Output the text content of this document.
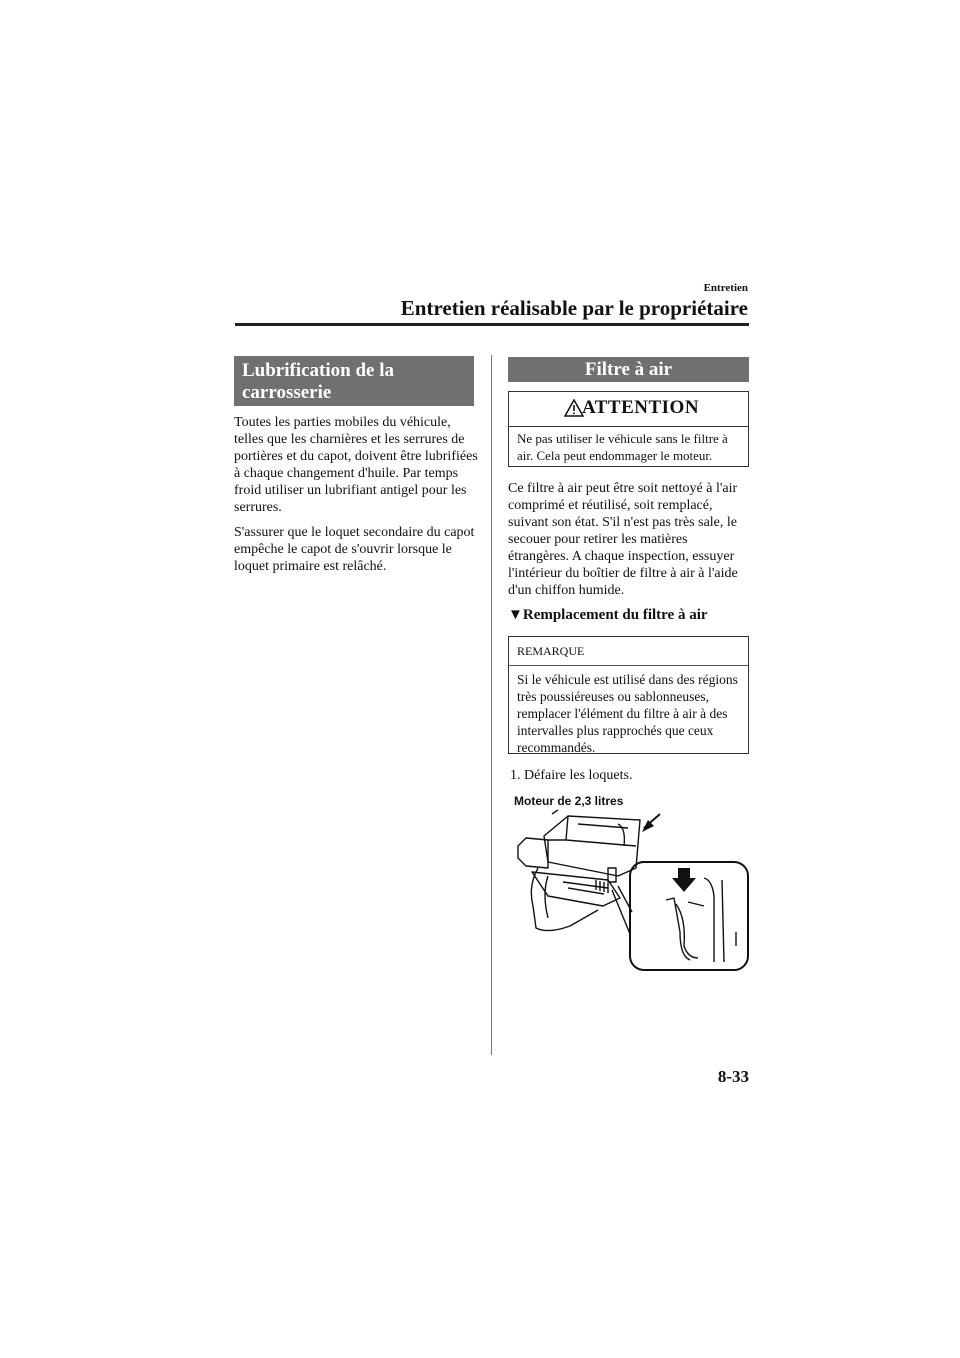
Entretien
Entretien réalisable par le propriétaire
Lubrification de la carrosserie
Toutes les parties mobiles du véhicule, telles que les charnières et les serrures de portières et du capot, doivent être lubrifiées à chaque changement d'huile. Par temps froid utiliser un lubrifiant antigel pour les serrures.
S'assurer que le loquet secondaire du capot empêche le capot de s'ouvrir lorsque le loquet primaire est relâché.
Filtre à air
ATTENTION
Ne pas utiliser le véhicule sans le filtre à air. Cela peut endommager le moteur.
Ce filtre à air peut être soit nettoyé à l'air comprimé et réutilisé, soit remplacé, suivant son état. S'il n'est pas très sale, le secouer pour retirer les matières étrangères. A chaque inspection, essuyer l'intérieur du boîtier de filtre à air à l'aide d'un chiffon humide.
▼Remplacement du filtre à air
REMARQUE
Si le véhicule est utilisé dans des régions très poussiéreuses ou sablonneuses, remplacer l'élément du filtre à air à des intervalles plus rapprochés que ceux recommandés.
1. Défaire les loquets.
Moteur de 2,3 litres
8-33
